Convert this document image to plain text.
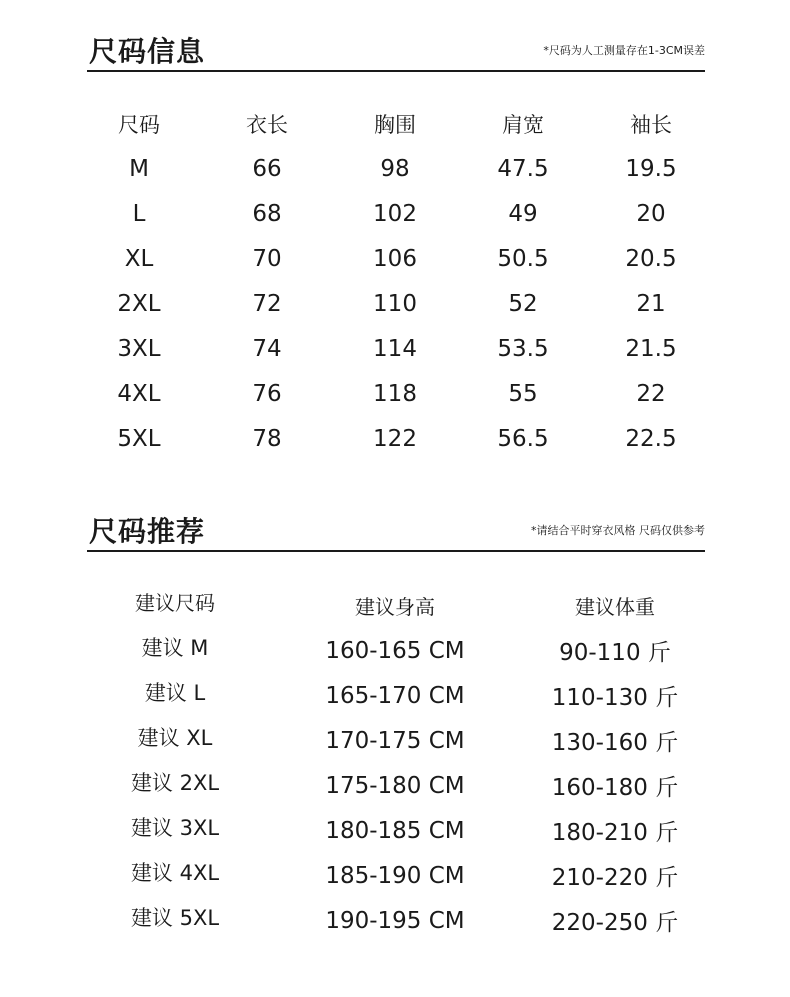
尺码信息	*尺码为人工测量存在1-3CM误差
尺码	衣长	胸围	肩宽	袖长
M	66	98	47.5	19.5
L	68	102	49	20
XL	70	106	50.5	20.5
2XL	72	110	52	21
3XL	74	114	53.5	21.5
4XL	76	118	55	22
5XL	78	122	56.5	22.5
尺码推荐	*请结合平时穿衣风格 尺码仅供参考
建议尺码	建议身高	建议体重
建议 M	160-165 CM	90-110 斤
建议 L	165-170 CM	110-130 斤
建议 XL	170-175 CM	130-160 斤
建议 2XL	175-180 CM	160-180 斤
建议 3XL	180-185 CM	180-210 斤
建议 4XL	185-190 CM	210-220 斤
建议 5XL	190-195 CM	220-250 斤
